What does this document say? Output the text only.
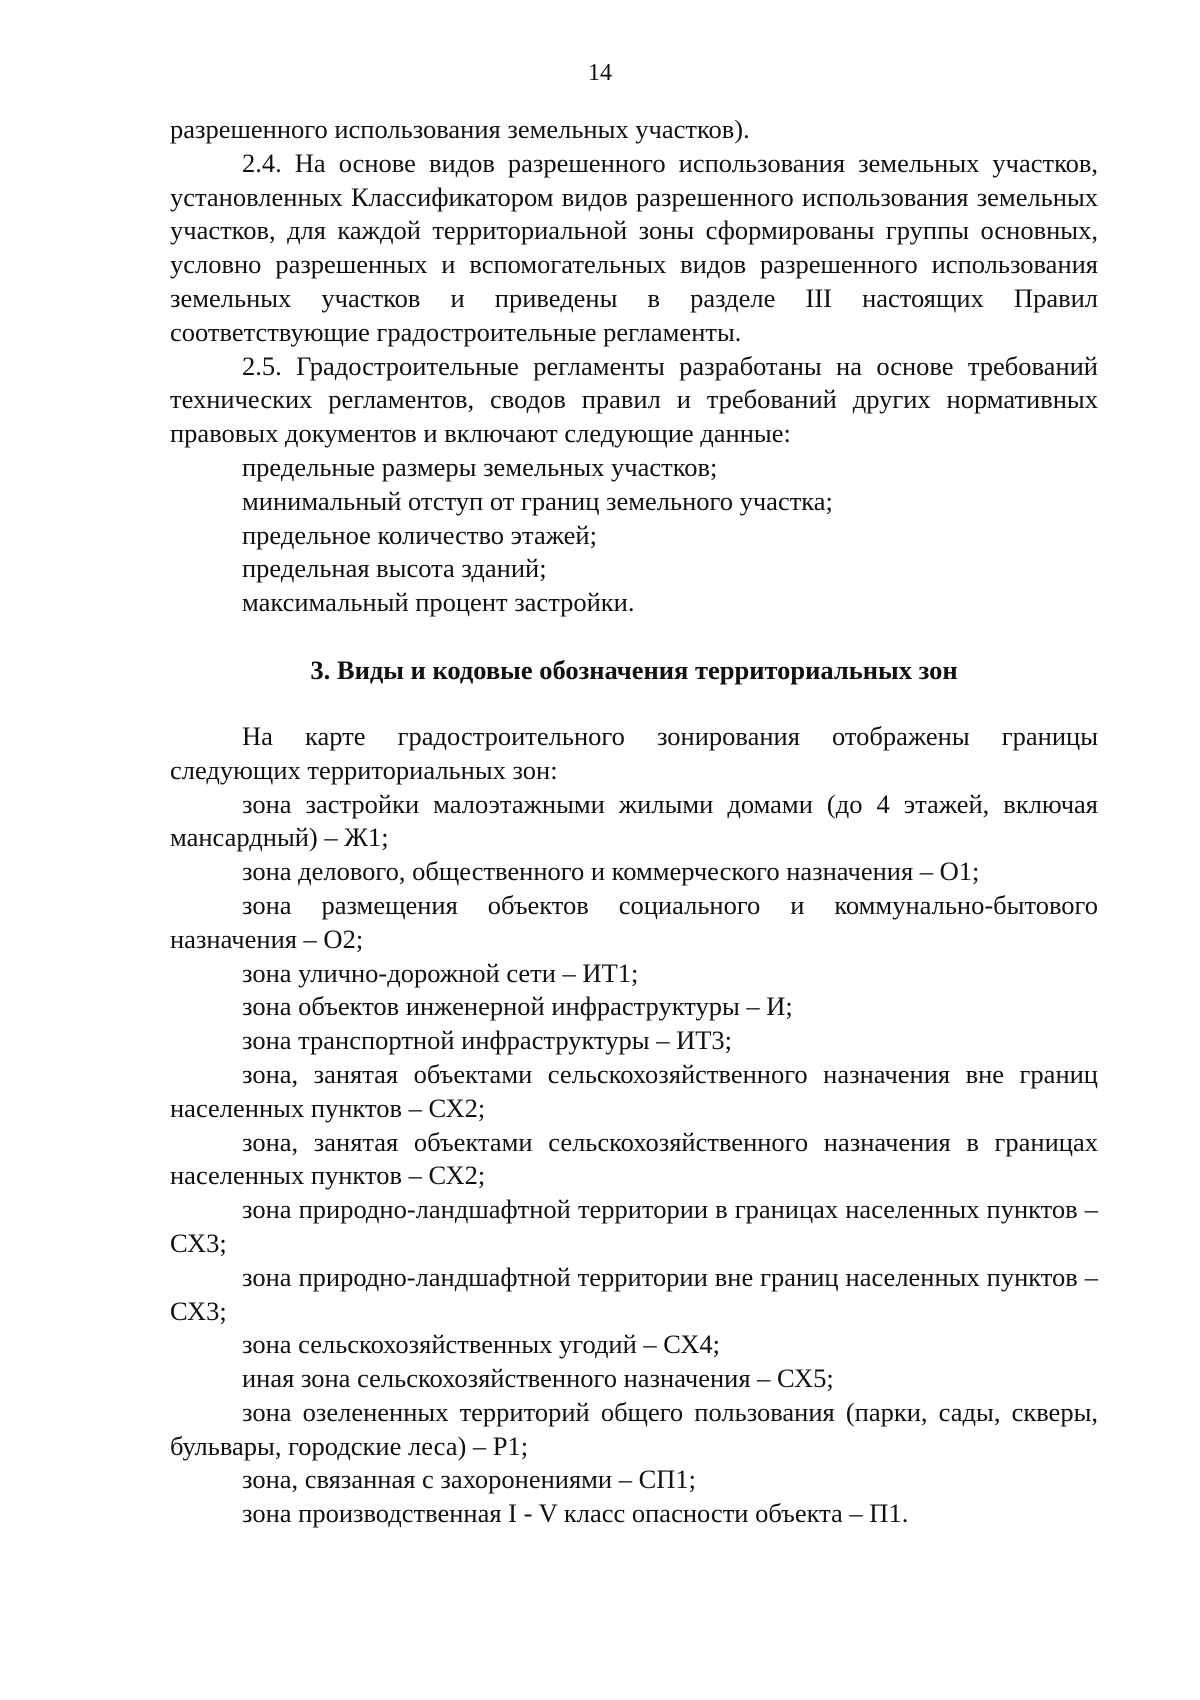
14

разрешенного использования земельных участков).

2.4. На основе видов разрешенного использования земельных участков, установленных Классификатором видов разрешенного использования земельных участков, для каждой территориальной зоны сформированы группы основных, условно разрешенных и вспомогательных видов разрешенного использования земельных участков и приведены в разделе III настоящих Правил соответствующие градостроительные регламенты.

2.5. Градостроительные регламенты разработаны на основе требований технических регламентов, сводов правил и требований других нормативных правовых документов и включают следующие данные:

предельные размеры земельных участков;

минимальный отступ от границ земельного участка;

предельное количество этажей;

предельная высота зданий;

максимальный процент застройки.

3. Виды и кодовые обозначения территориальных зон

На карте градостроительного зонирования отображены границы следующих территориальных зон:

зона застройки малоэтажными жилыми домами (до 4 этажей, включая мансардный) – Ж1;

зона делового, общественного и коммерческого назначения – О1;

зона размещения объектов социального и коммунально-бытового назначения – О2;

зона улично-дорожной сети – ИТ1;

зона объектов инженерной инфраструктуры – И;

зона транспортной инфраструктуры – ИТ3;

зона, занятая объектами сельскохозяйственного назначения вне границ населенных пунктов – СХ2;

зона, занятая объектами сельскохозяйственного назначения в границах населенных пунктов – СХ2;

зона природно-ландшафтной территории в границах населенных пунктов – СХ3;

зона природно-ландшафтной территории вне границ населенных пунктов – СХ3;

зона сельскохозяйственных угодий – СХ4;

иная зона сельскохозяйственного назначения – СХ5;

зона озелененных территорий общего пользования (парки, сады, скверы, бульвары, городские леса) – Р1;

зона, связанная с захоронениями – СП1;

зона производственная I - V класс опасности объекта – П1.
